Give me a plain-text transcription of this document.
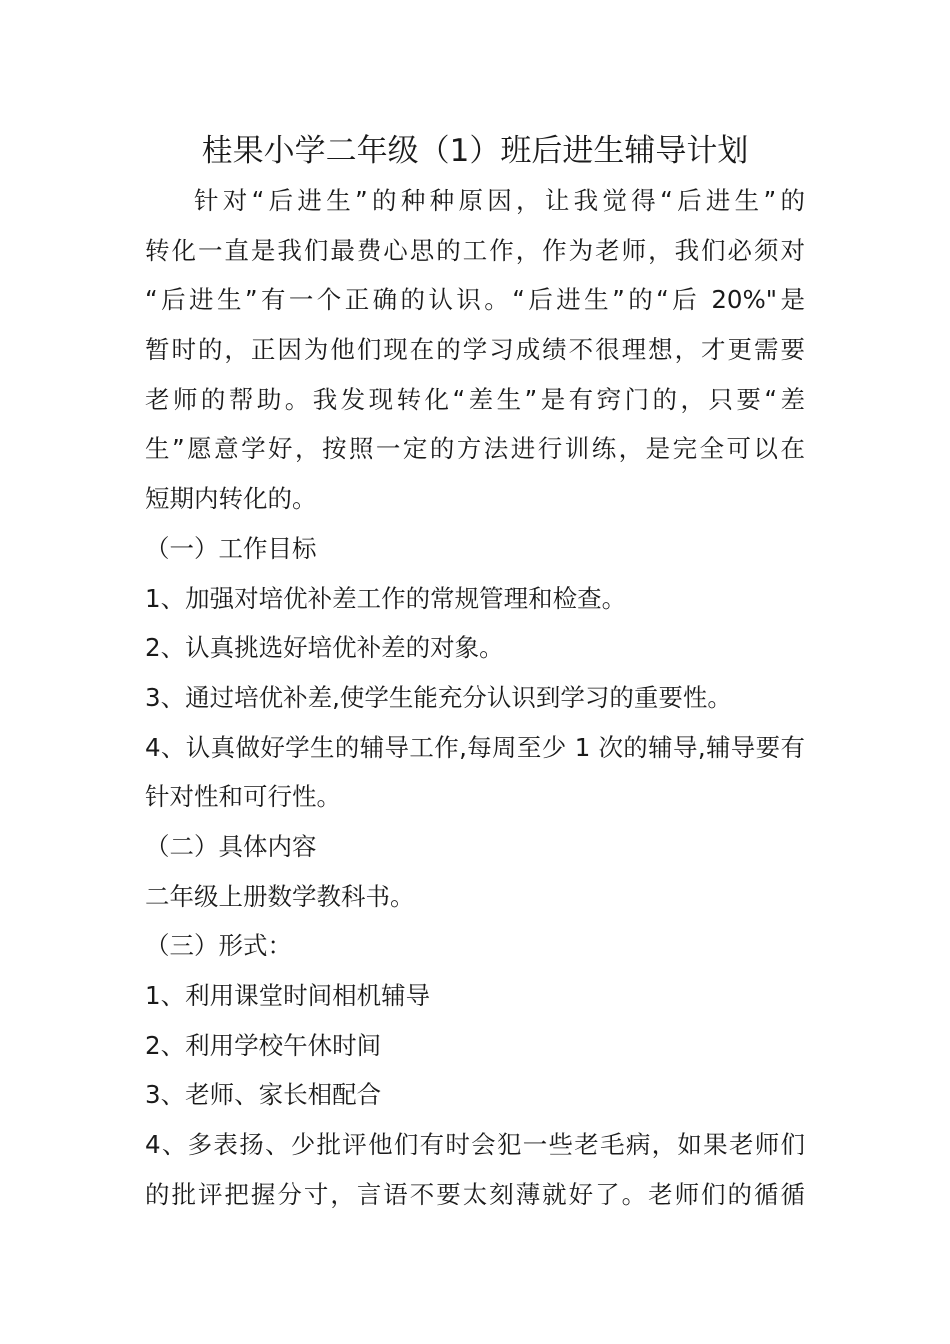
桂果小学二年级（1）班后进生辅导计划
针对“后进生”的种种原因，让我觉得“后进生”的
转化一直是我们最费心思的工作，作为老师，我们必须对
“后进生”有一个正确的认识。“后进生”的“后 20%"是
暂时的，正因为他们现在的学习成绩不很理想，才更需要
老师的帮助。我发现转化“差生”是有窍门的，只要“差
生”愿意学好，按照一定的方法进行训练，是完全可以在
短期内转化的。
（一）工作目标
1、加强对培优补差工作的常规管理和检查。
2、认真挑选好培优补差的对象。
3、通过培优补差,使学生能充分认识到学习的重要性。
4、认真做好学生的辅导工作,每周至少 1 次的辅导,辅导要有
针对性和可行性。
（二）具体内容
二年级上册数学教科书。
（三）形式：
1、利用课堂时间相机辅导
2、利用学校午休时间
3、老师、家长相配合
4、多表扬、少批评他们有时会犯一些老毛病，如果老师们
的批评把握分寸，言语不要太刻薄就好了。老师们的循循
